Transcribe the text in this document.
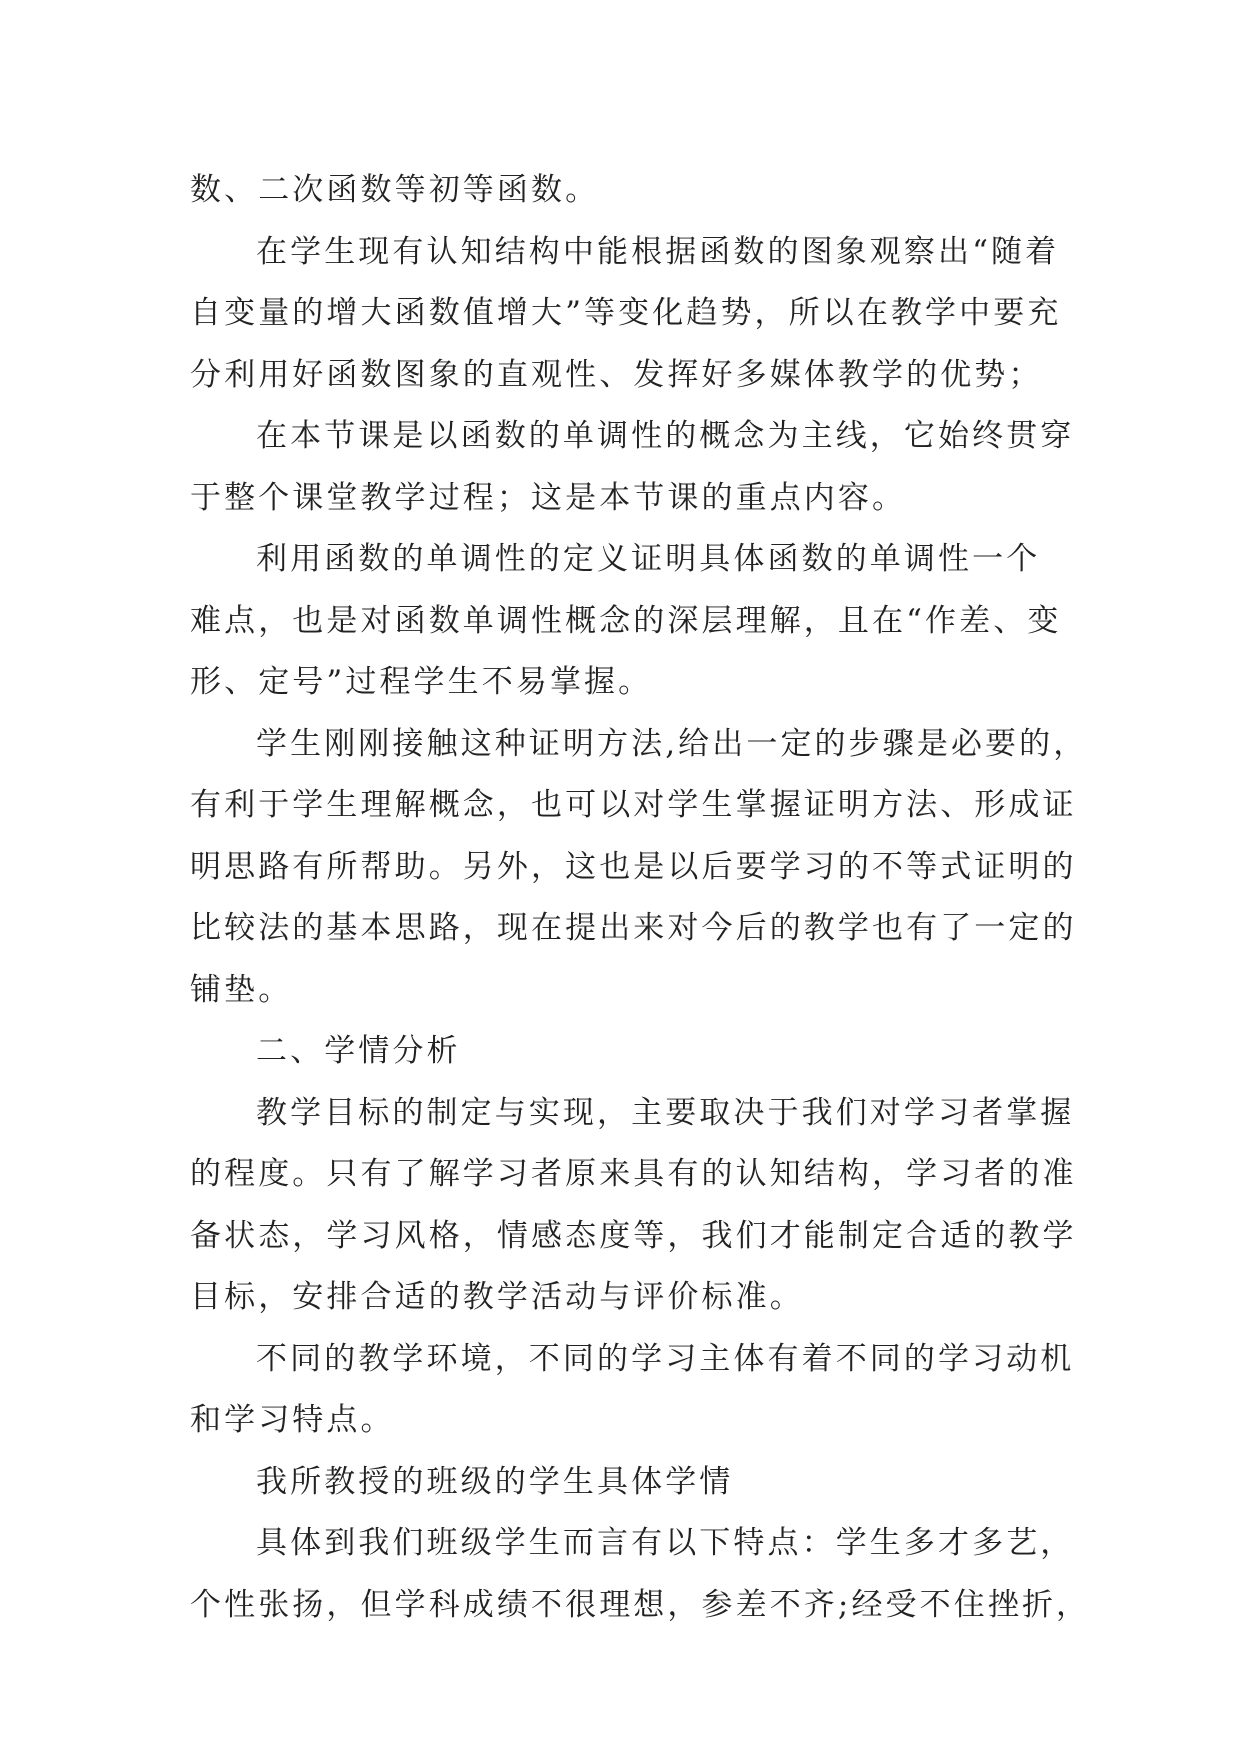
数、二次函数等初等函数。
在学生现有认知结构中能根据函数的图象观察出“随着
自变量的增大函数值增大”等变化趋势，所以在教学中要充
分利用好函数图象的直观性、发挥好多媒体教学的优势；
在本节课是以函数的单调性的概念为主线，它始终贯穿
于整个课堂教学过程；这是本节课的重点内容。
利用函数的单调性的定义证明具体函数的单调性一个
难点，也是对函数单调性概念的深层理解，且在“作差、变
形、定号”过程学生不易掌握。
学生刚刚接触这种证明方法,给出一定的步骤是必要的，
有利于学生理解概念，也可以对学生掌握证明方法、形成证
明思路有所帮助。另外，这也是以后要学习的不等式证明的
比较法的基本思路，现在提出来对今后的教学也有了一定的
铺垫。
二、学情分析
教学目标的制定与实现，主要取决于我们对学习者掌握
的程度。只有了解学习者原来具有的认知结构，学习者的准
备状态，学习风格，情感态度等，我们才能制定合适的教学
目标，安排合适的教学活动与评价标准。
不同的教学环境，不同的学习主体有着不同的学习动机
和学习特点。
我所教授的班级的学生具体学情
具体到我们班级学生而言有以下特点：学生多才多艺，
个性张扬，但学科成绩不很理想，参差不齐;经受不住挫折，
